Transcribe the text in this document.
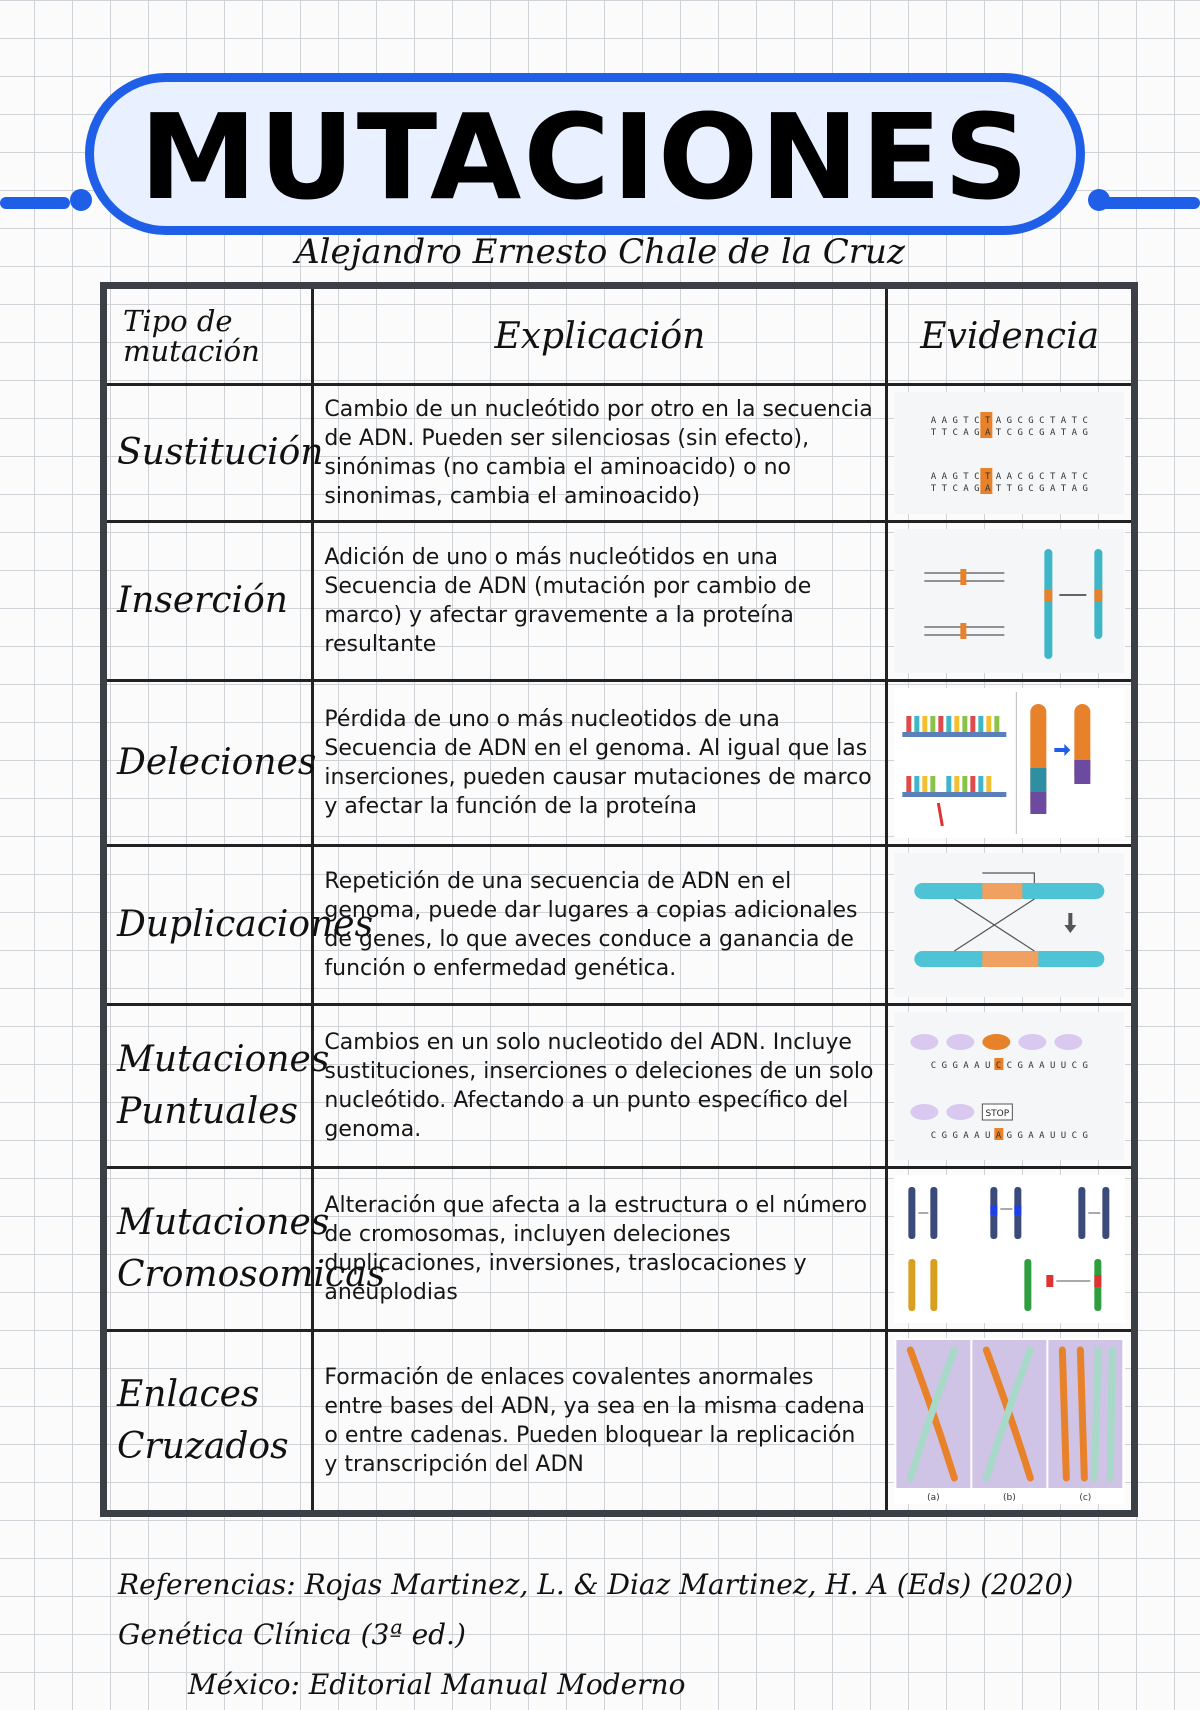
MUTACIONES
Alejandro Ernesto Chale de la Cruz
Tipo de mutación	Explicación	Evidencia
Sustitución	Cambio de un nucleótido por otro en la secuencia de ADN. Pueden ser silenciosas (sin efecto), sinónimas (no cambia el aminoacido) o no sinonimas, cambia el aminoacido)	A A G T C T A G C G C T A T C
T T C A G A T C G C G A T A G
A A G T C T A A C G C T A T C
T T C A G A T T G C G A T A G

Inserción	Adición de uno o más nucleótidos en una Secuencia de ADN (mutación por cambio de marco) y afectar gravemente a la proteína resultante	

Deleciones	Pérdida de uno o más nucleotidos de una Secuencia de ADN en el genoma. Al igual que las inserciones, pueden causar mutaciones de marco y afectar la función de la proteína	

Duplicaciones	Repetición de una secuencia de ADN en el genoma, puede dar lugares a copias adicionales de genes, lo que aveces conduce a ganancia de función o enfermedad genética.	

Mutaciones Puntuales	Cambios en un solo nucleotido del ADN. Incluye sustituciones, inserciones o deleciones de un solo nucleótido. Afectando a un punto específico del genoma.	STOP
C G G A A U C C G A A U U C G
C G G A A U A G G A A U U C G

Mutaciones Cromosomicas	Alteración que afecta a la estructura o el número de cromosomas, incluyen deleciones duplicaciones, inversiones, traslocaciones y aneuplodias	

Enlaces Cruzados	Formación de enlaces covalentes anormales entre bases del ADN, ya sea en la misma cadena o entre cadenas. Pueden bloquear la replicación y transcripción del ADN	(a) (b) (c)
Referencias: Rojas Martinez, L. & Diaz Martinez, H. A (Eds) (2020) Genética Clínica (3ª ed.)
México: Editorial Manual Moderno
